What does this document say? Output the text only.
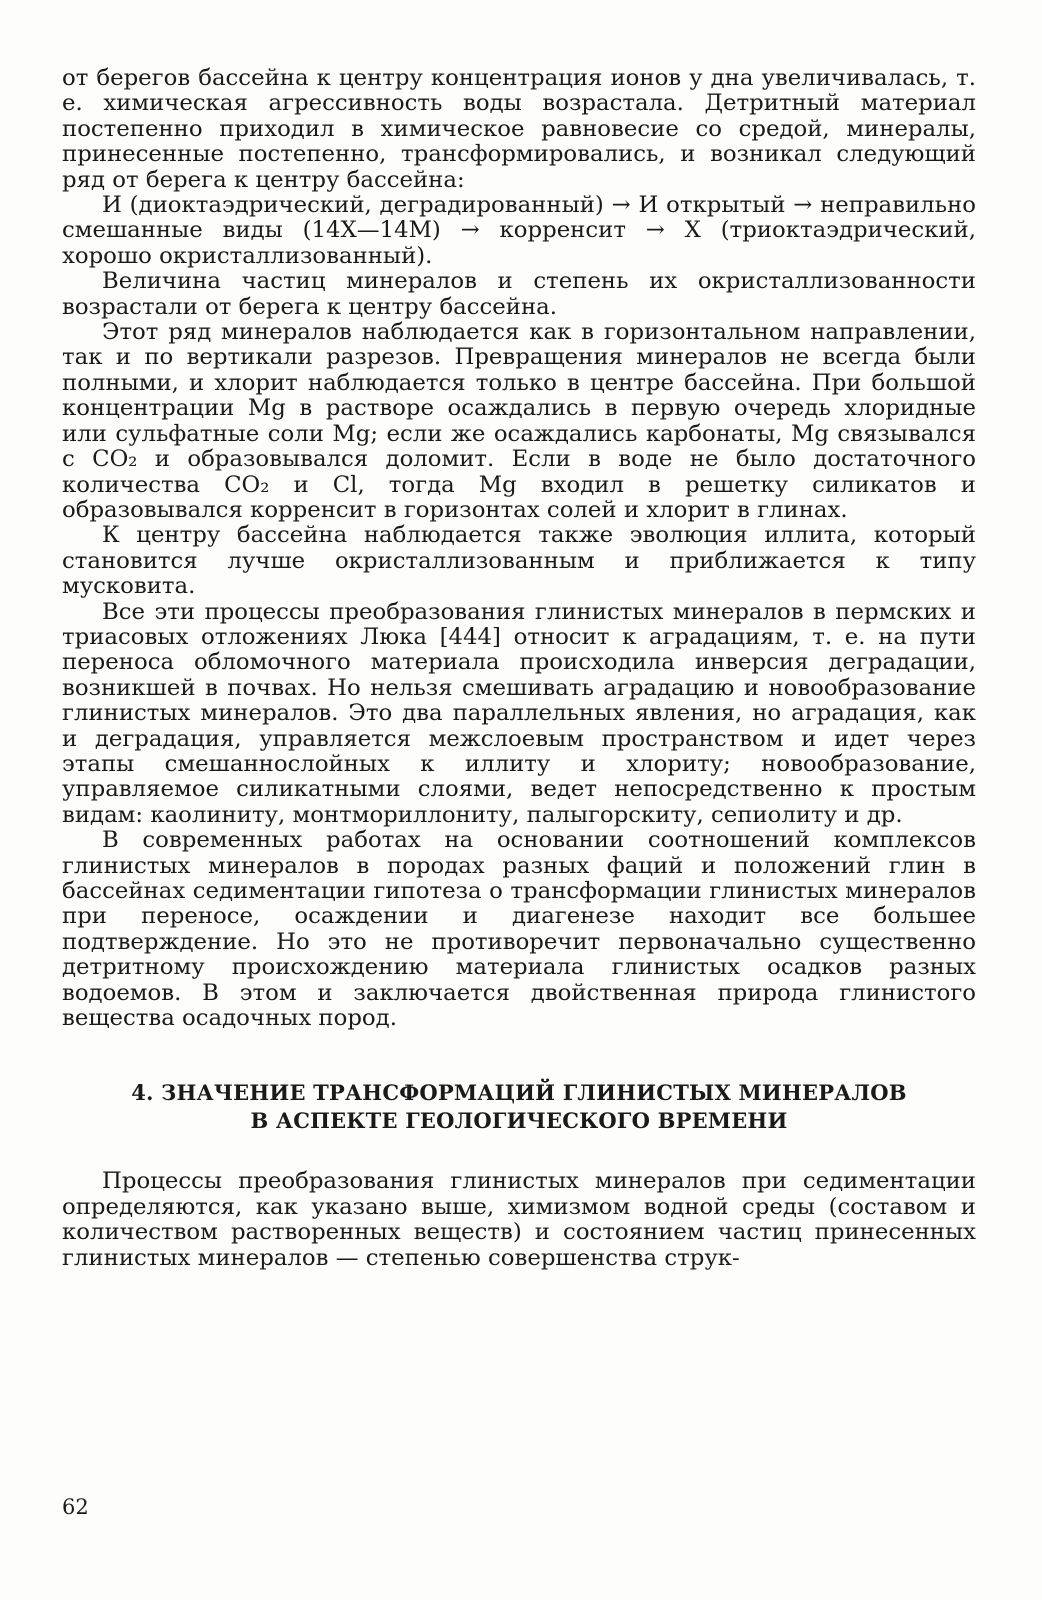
от берегов бассейна к центру концентрация ионов у дна увеличивалась, т. е. химическая агрессивность воды возрастала. Детритный материал постепенно приходил в химическое равновесие со средой, минералы, принесенные постепенно, трансформировались, и возникал следующий ряд от берега к центру бассейна:

И (диоктаэдрический, деградированный) → И открытый → неправильно смешанные виды (14Х—14М) → корренсит → Х (триоктаэдрический, хорошо окристаллизованный).

Величина частиц минералов и степень их окристаллизованности возрастали от берега к центру бассейна.

Этот ряд минералов наблюдается как в горизонтальном направлении, так и по вертикали разрезов. Превращения минералов не всегда были полными, и хлорит наблюдается только в центре бассейна. При большой концентрации Mg в растворе осаждались в первую очередь хлоридные или сульфатные соли Mg; если же осаждались карбонаты, Mg связывался с CO₂ и образовывался доломит. Если в воде не было достаточного количества CO₂ и Cl, тогда Mg входил в решетку силикатов и образовывался корренсит в горизонтах солей и хлорит в глинах.

К центру бассейна наблюдается также эволюция иллита, который становится лучше окристаллизованным и приближается к типу мусковита.

Все эти процессы преобразования глинистых минералов в пермских и триасовых отложениях Люка [444] относит к аградациям, т. е. на пути переноса обломочного материала происходила инверсия деградации, возникшей в почвах. Но нельзя смешивать аградацию и новообразование глинистых минералов. Это два параллельных явления, но аградация, как и деградация, управляется межслоевым пространством и идет через этапы смешаннослойных к иллиту и хлориту; новообразование, управляемое силикатными слоями, ведет непосредственно к простым видам: каолиниту, монтмориллониту, палыгорскиту, сепиолиту и др.

В современных работах на основании соотношений комплексов глинистых минералов в породах разных фаций и положений глин в бассейнах седиментации гипотеза о трансформации глинистых минералов при переносе, осаждении и диагенезе находит все большее подтверждение. Но это не противоречит первоначально существенно детритному происхождению материала глинистых осадков разных водоемов. В этом и заключается двойственная природа глинистого вещества осадочных пород.

4. ЗНАЧЕНИЕ ТРАНСФОРМАЦИЙ ГЛИНИСТЫХ МИНЕРАЛОВ
В АСПЕКТЕ ГЕОЛОГИЧЕСКОГО ВРЕМЕНИ

Процессы преобразования глинистых минералов при седиментации определяются, как указано выше, химизмом водной среды (составом и количеством растворенных веществ) и состоянием частиц принесенных глинистых минералов — степенью совершенства струк-

62
